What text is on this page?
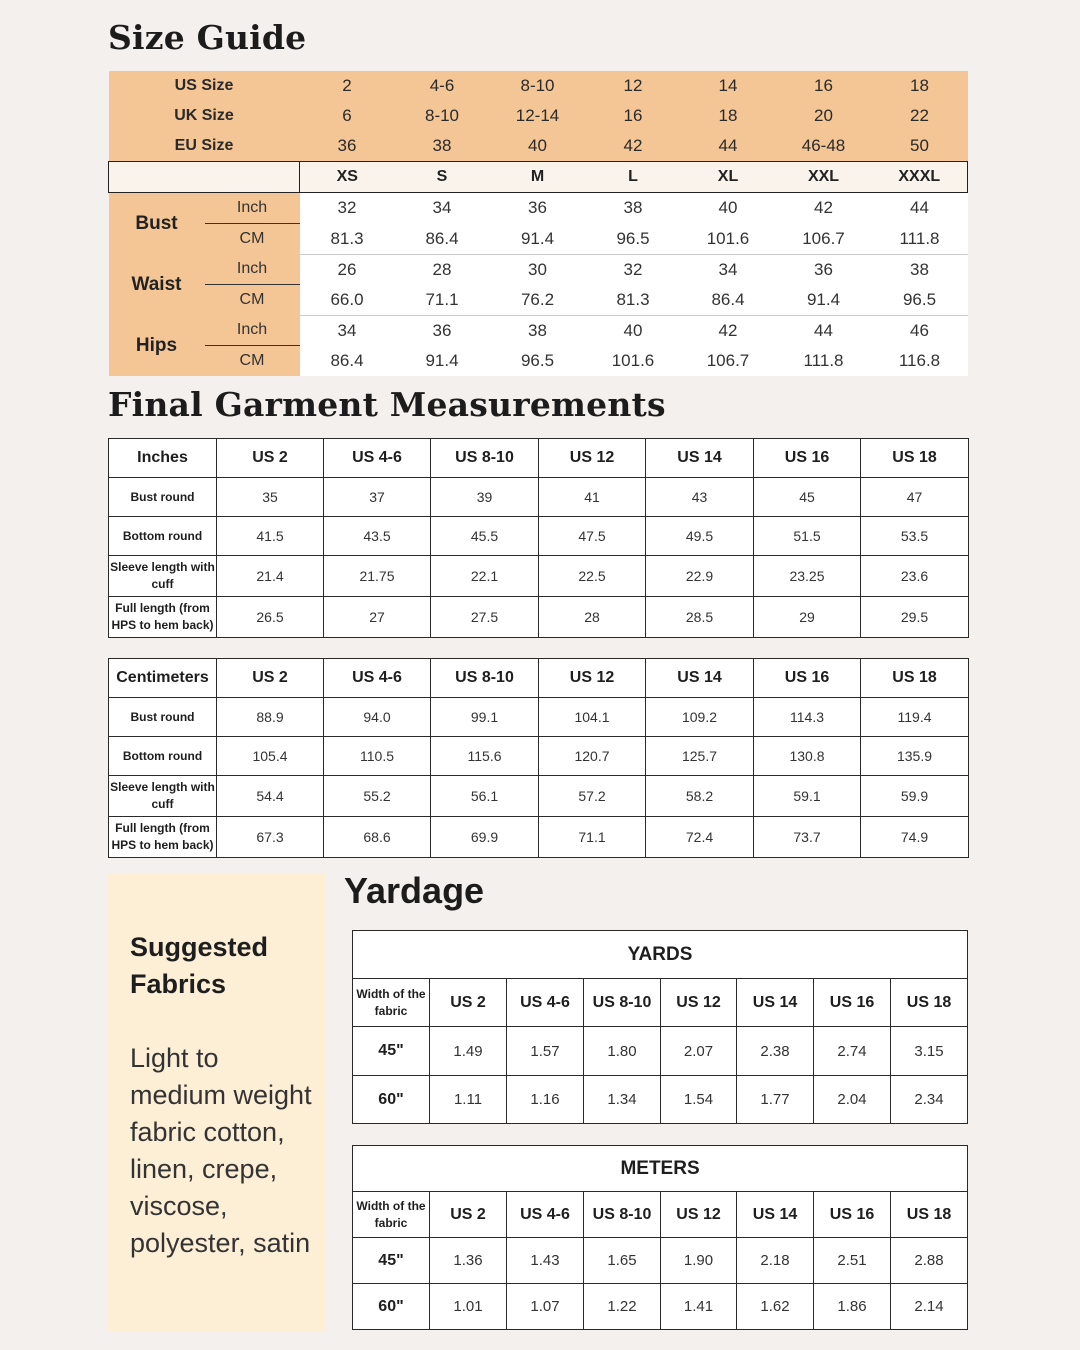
Size Guide
US Size		2	4-6	8-10	12	14	16	18
UK Size		6	8-10	12-14	16	18	20	22
EU Size		36	38	40	42	44	46-48	50
		XS	S	M	L	XL	XXL	XXXL
Bust	Inch	32	34	36	38	40	42	44
	CM	81.3	86.4	91.4	96.5	101.6	106.7	111.8
Waist	Inch	26	28	30	32	34	36	38
	CM	66.0	71.1	76.2	81.3	86.4	91.4	96.5
Hips	Inch	34	36	38	40	42	44	46
	CM	86.4	91.4	96.5	101.6	106.7	111.8	116.8
Final Garment Measurements
Inches	US 2	US 4-6	US 8-10	US 12	US 14	US 16	US 18
Bust round	35	37	39	41	43	45	47
Bottom round	41.5	43.5	45.5	47.5	49.5	51.5	53.5
Sleeve length with cuff	21.4	21.75	22.1	22.5	22.9	23.25	23.6
Full length (from HPS to hem back)	26.5	27	27.5	28	28.5	29	29.5
Centimeters	US 2	US 4-6	US 8-10	US 12	US 14	US 16	US 18
Bust round	88.9	94.0	99.1	104.1	109.2	114.3	119.4
Bottom round	105.4	110.5	115.6	120.7	125.7	130.8	135.9
Sleeve length with cuff	54.4	55.2	56.1	57.2	58.2	59.1	59.9
Full length (from HPS to hem back)	67.3	68.6	69.9	71.1	72.4	73.7	74.9

Suggested Fabrics

Light to medium weight fabric cotton, linen, crepe, viscose, polyester, satin

Yardage
YARDS							
Width of the fabric	US 2	US 4-6	US 8-10	US 12	US 14	US 16	US 18
45"	1.49	1.57	1.80	2.07	2.38	2.74	3.15
60"	1.11	1.16	1.34	1.54	1.77	2.04	2.34
METERS							
Width of the fabric	US 2	US 4-6	US 8-10	US 12	US 14	US 16	US 18
45"	1.36	1.43	1.65	1.90	2.18	2.51	2.88
60"	1.01	1.07	1.22	1.41	1.62	1.86	2.14
